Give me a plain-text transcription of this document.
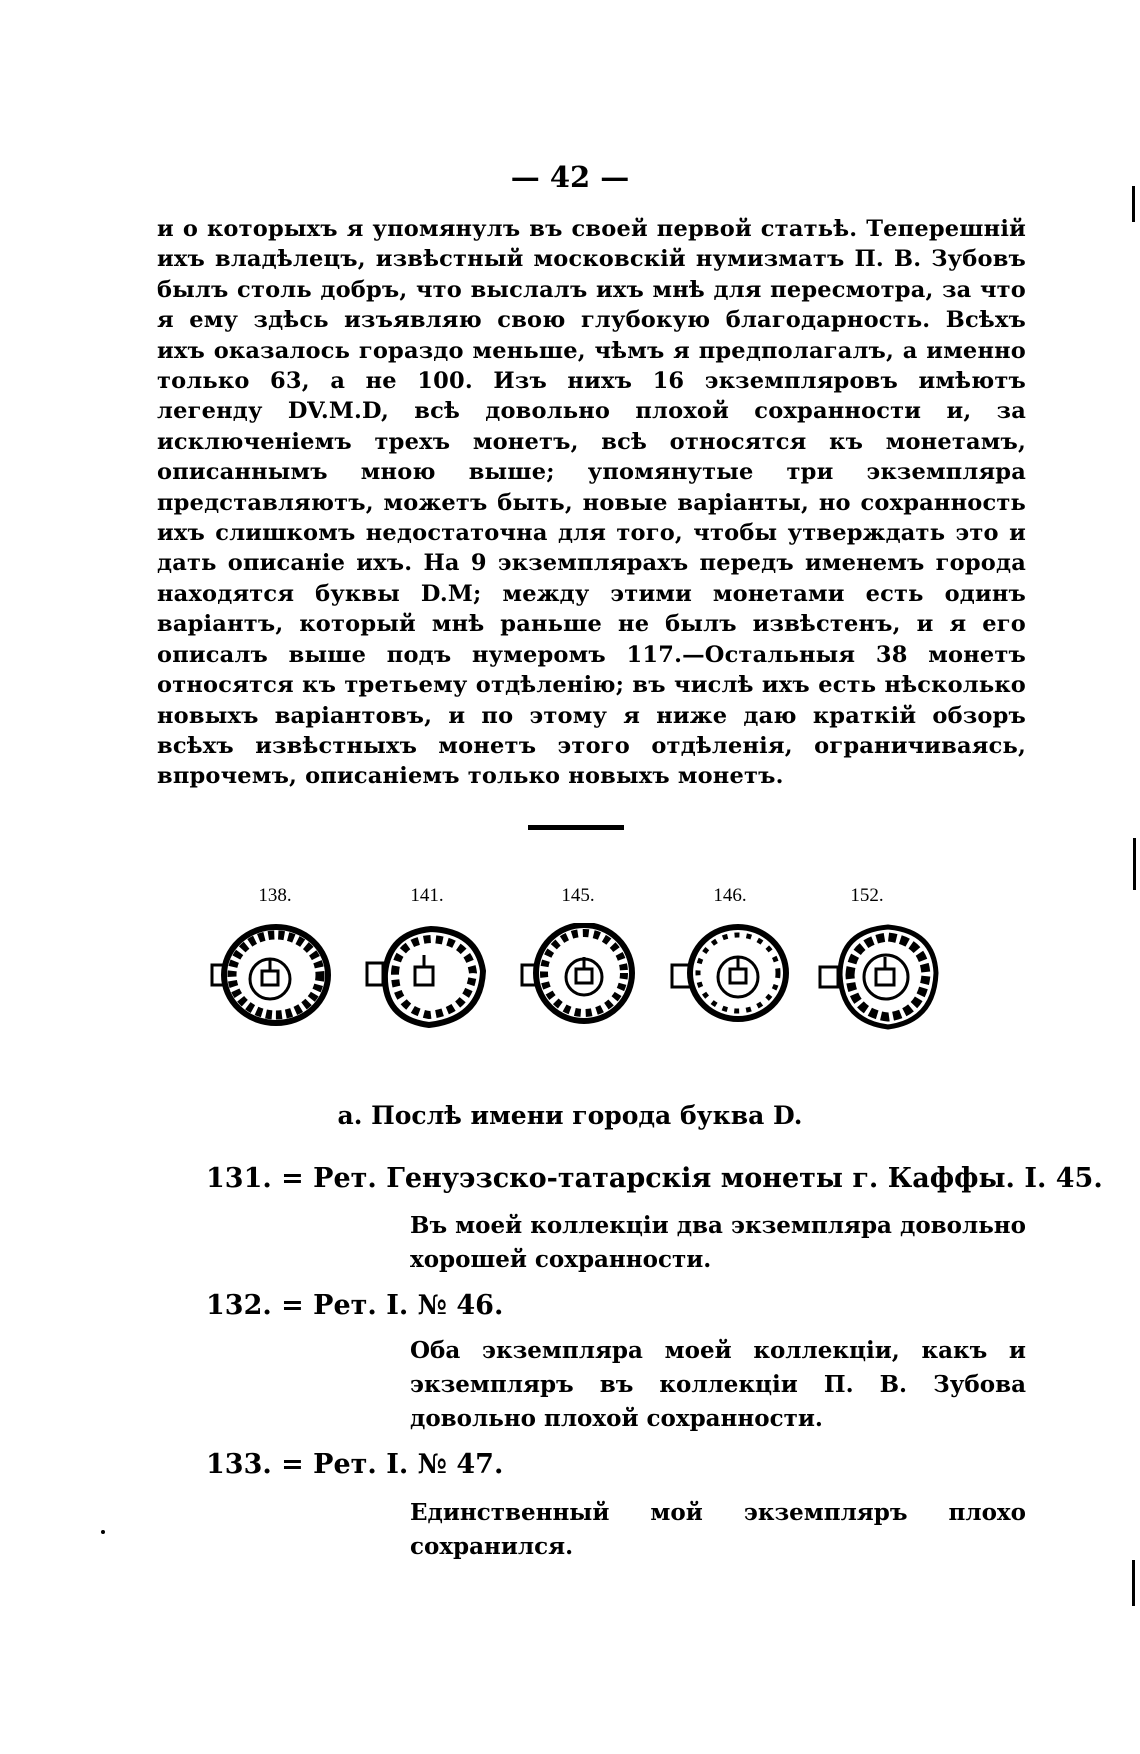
— 42 —
и о которыхъ я упомянулъ въ своей первой статьѣ. Теперешній ихъ владѣлецъ, извѣстный московскій нумизматъ П. В. Зубовъ былъ столь добръ, что выслалъ ихъ мнѣ для пересмотра, за что я ему здѣсь изъявляю свою глубокую благодарность. Всѣхъ ихъ оказалось гораздо меньше, чѣмъ я предполагалъ, а именно только 63, а не 100. Изъ нихъ 16 экземпляровъ имѣютъ легенду DV.M.D, всѣ довольно плохой сохранности и, за исключеніемъ трехъ монетъ, всѣ относятся къ монетамъ, описаннымъ мною выше; упомянутые три экземпляра представляютъ, можетъ быть, новые варіанты, но сохранность ихъ слишкомъ недостаточна для того, чтобы утверждать это и дать описаніе ихъ. На 9 экземплярахъ передъ именемъ города находятся буквы D.M; между этими монетами есть одинъ варіантъ, который мнѣ раньше не былъ извѣстенъ, и я его описалъ выше подъ нумеромъ 117.—Остальныя 38 монетъ относятся къ третьему отдѣленію; въ числѣ ихъ есть нѣсколько новыхъ варіантовъ, и по этому я ниже даю краткій обзоръ всѣхъ извѣстныхъ монетъ этого отдѣленія, ограничиваясь, впрочемъ, описаніемъ только новыхъ монетъ.
138.	141.	145.	146.	152.
а. Послѣ имени города буква D.
131. = Рет. Генуэзско-татарскія монеты г. Каффы. I. 45.
Въ моей коллекціи два экземпляра довольно хорошей сохранности.
132. = Рет. I. № 46.
Оба экземпляра моей коллекціи, какъ и экземпляръ въ коллекціи П. В. Зубова довольно плохой сохранности.
133. = Рет. I. № 47.
Единственный мой экземпляръ плохо сохранился.
